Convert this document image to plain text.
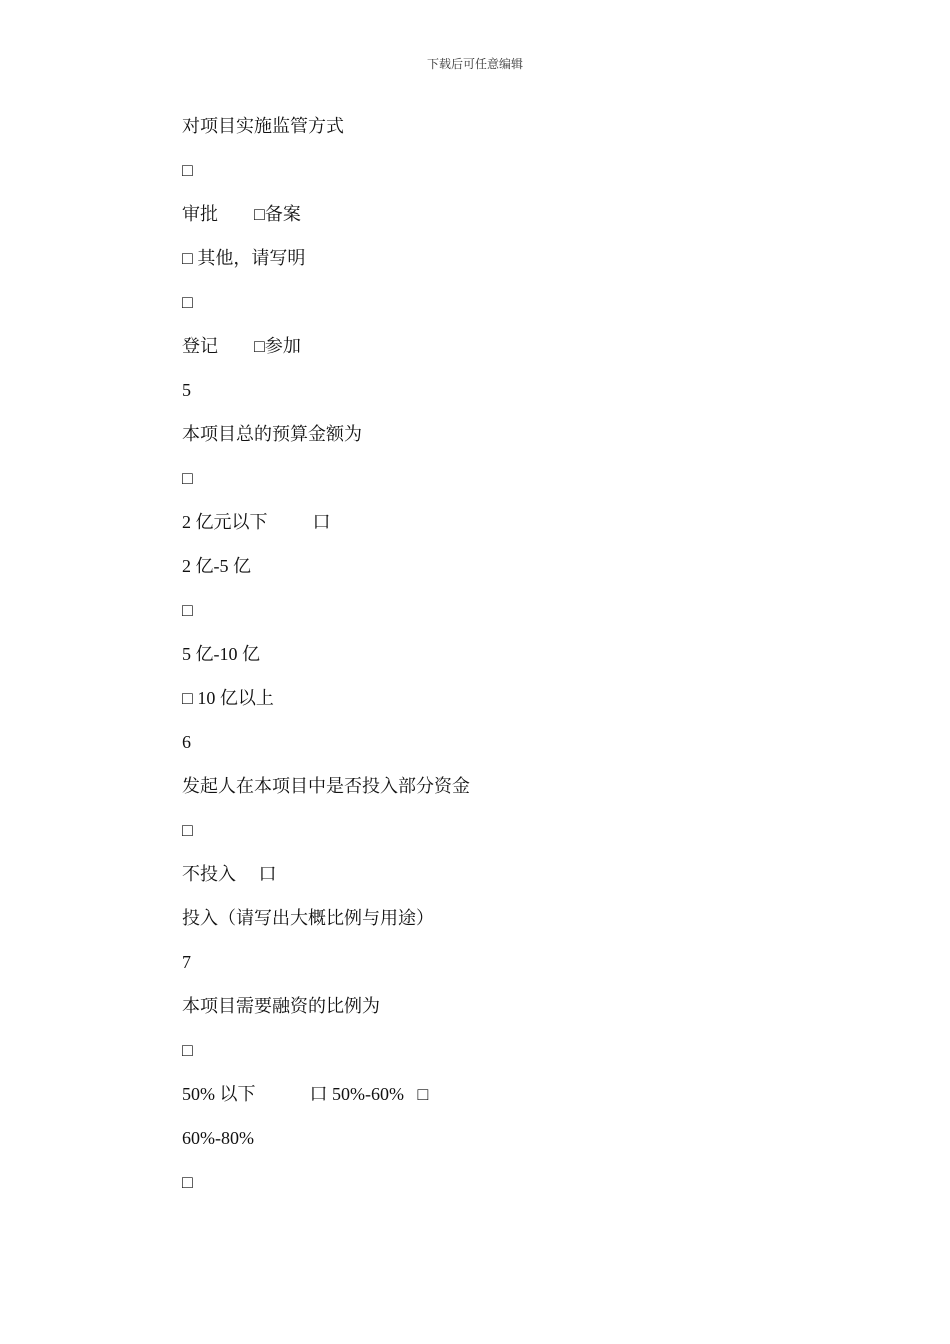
下载后可任意编辑
对项目实施监管方式
□
审批        □备案
□ 其他，请写明
□
登记        □参加
5
本项目总的预算金额为
□
2 亿元以下          口
2 亿-5 亿
□
5 亿-10 亿
□ 10 亿以上
6
发起人在本项目中是否投入部分资金
□
不投入     口
投入（请写出大概比例与用途）
7
本项目需要融资的比例为
□
50% 以下            口 50%-60%   □
60%-80%
□
